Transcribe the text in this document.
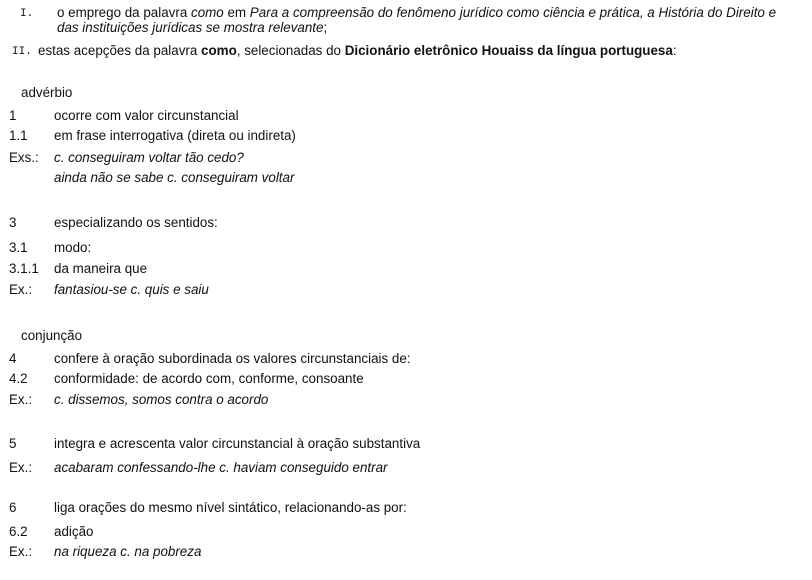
I. o emprego da palavra como em Para a compreensão do fenômeno jurídico como ciência e prática, a História do Direito e
das instituições jurídicas se mostra relevante;
II. estas acepções da palavra como, selecionadas do Dicionário eletrônico Houaiss da língua portuguesa:
advérbio
1	ocorre com valor circunstancial
1.1 em frase interrogativa (direta ou indireta)
Exs.: c. conseguiram voltar tão cedo?
ainda não se sabe c. conseguiram voltar
3	especializando os sentidos:
3.1 modo:
3.1.1 da maneira que
Ex.: fantasiou-se c. quis e saiu
conjunção
4	confere à oração subordinada os valores circunstanciais de:
4.2 conformidade: de acordo com, conforme, consoante
Ex.: c. dissemos, somos contra o acordo
5	integra e acrescenta valor circunstancial à oração substantiva
Ex.: acabaram confessando-lhe c. haviam conseguido entrar
6	liga orações do mesmo nível sintático, relacionando-as por:
6.2 adição
Ex.: na riqueza c. na pobreza
